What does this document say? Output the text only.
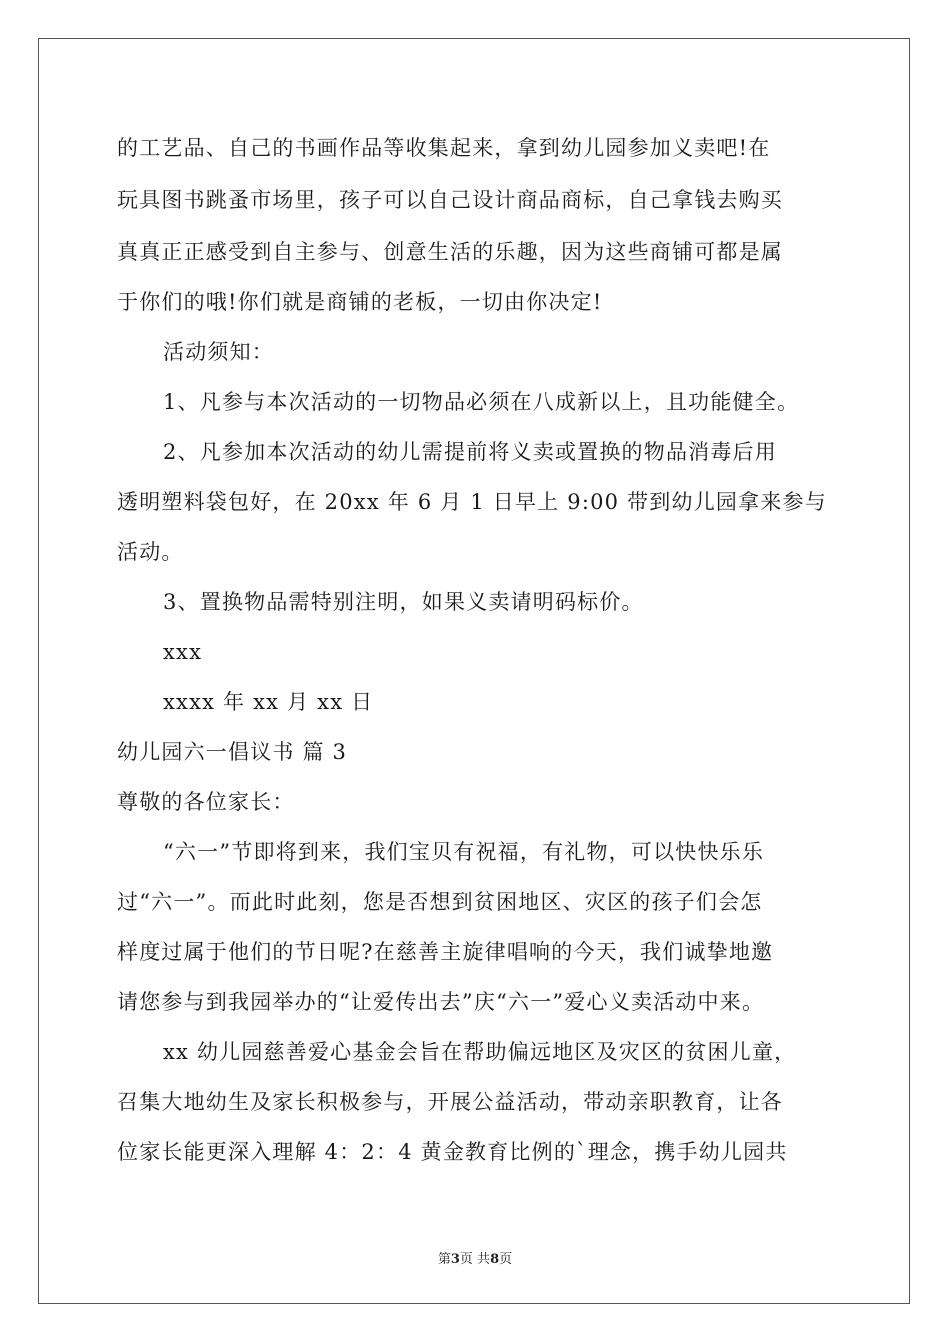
的工艺品、自己的书画作品等收集起来，拿到幼儿园参加义卖吧!在
玩具图书跳蚤市场里，孩子可以自己设计商品商标，自己拿钱去购买
真真正正感受到自主参与、创意生活的乐趣，因为这些商铺可都是属
于你们的哦!你们就是商铺的老板，一切由你决定!
活动须知：
1、凡参与本次活动的一切物品必须在八成新以上，且功能健全。
2、凡参加本次活动的幼儿需提前将义卖或置换的物品消毒后用
透明塑料袋包好，在 20xx 年 6 月 1 日早上 9:00 带到幼儿园拿来参与
活动。
3、置换物品需特别注明，如果义卖请明码标价。
xxx
xxxx 年 xx 月 xx 日
幼儿园六一倡议书 篇 3
尊敬的各位家长：
“六一”节即将到来，我们宝贝有祝福，有礼物，可以快快乐乐
过“六一”。而此时此刻，您是否想到贫困地区、灾区的孩子们会怎
样度过属于他们的节日呢?在慈善主旋律唱响的今天，我们诚挚地邀
请您参与到我园举办的“让爱传出去”庆“六一”爱心义卖活动中来。
xx 幼儿园慈善爱心基金会旨在帮助偏远地区及灾区的贫困儿童，
召集大地幼生及家长积极参与，开展公益活动，带动亲职教育，让各
位家长能更深入理解 4：2：4 黄金教育比例的`理念，携手幼儿园共
第3页 共8页
